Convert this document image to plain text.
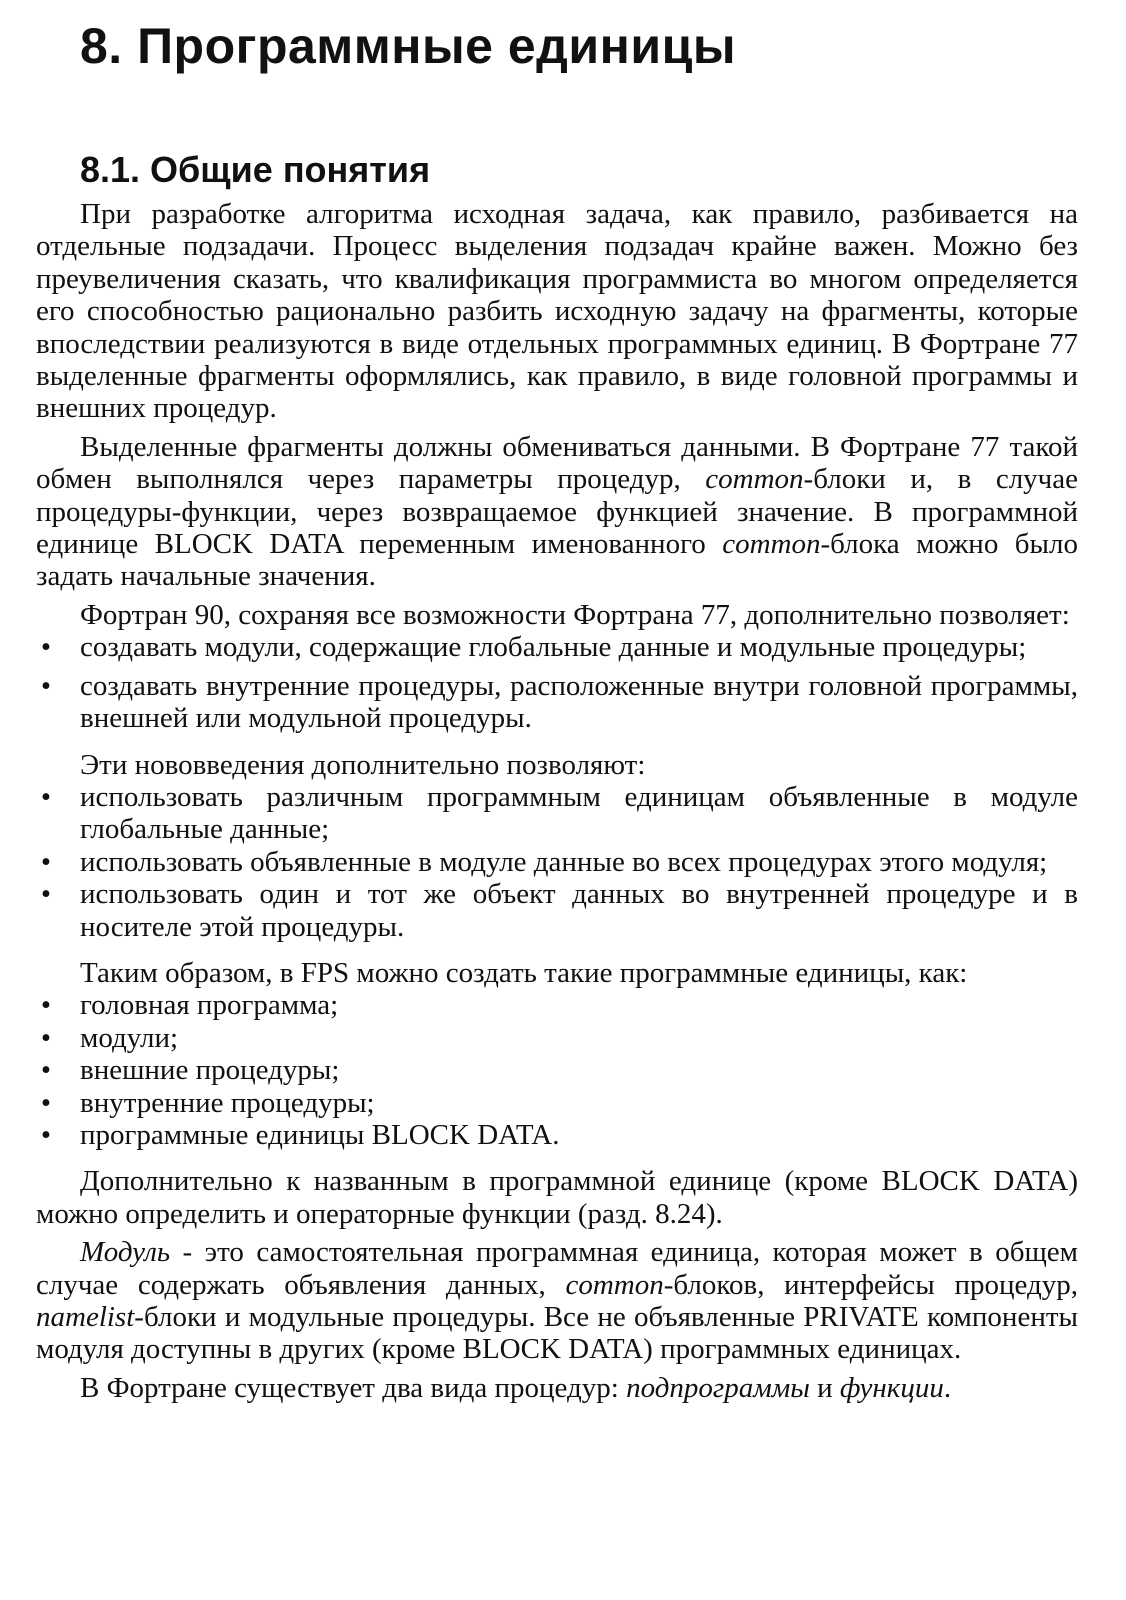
8. Программные единицы
8.1. Общие понятия

При разработке алгоритма исходная задача, как правило, разбивается на отдельные подзадачи. Процесс выделения подзадач крайне важен. Можно без преувеличения сказать, что квалификация программиста во многом определяется его способностью рационально разбить исходную задачу на фрагменты, которые впоследствии реализуются в виде отдельных программных единиц. В Фортране 77 выделенные фрагменты оформлялись, как правило, в виде головной программы и внешних процедур.

Выделенные фрагменты должны обмениваться данными. В Фортране 77 такой обмен выполнялся через параметры процедур, common-блоки и, в случае процедуры-функции, через возвращаемое функцией значение. В программной единице BLOCK DATA переменным именованного common-блока можно было задать начальные значения.

Фортран 90, сохраняя все возможности Фортрана 77, дополнительно позволяет:

• создавать модули, содержащие глобальные данные и модульные процедуры;
• создавать внутренние процедуры, расположенные внутри головной программы, внешней или модульной процедуры.

Эти нововведения дополнительно позволяют:

• использовать различным программным единицам объявленные в модуле глобальные данные;
• использовать объявленные в модуле данные во всех процедурах этого модуля;
• использовать один и тот же объект данных во внутренней процедуре и в носителе этой процедуры.

Таким образом, в FPS можно создать такие программные единицы, как:

• головная программа;
• модули;
• внешние процедуры;
• внутренние процедуры;
• программные единицы BLOCK DATA.

Дополнительно к названным в программной единице (кроме BLOCK DATA) можно определить и операторные функции (разд. 8.24).

Модуль - это самостоятельная программная единица, которая может в общем случае содержать объявления данных, common-блоков, интерфейсы процедур, namelist-блоки и модульные процедуры. Все не объявленные PRIVATE компоненты модуля доступны в других (кроме BLOCK DATA) программных единицах.

В Фортране существует два вида процедур: подпрограммы и функции.
